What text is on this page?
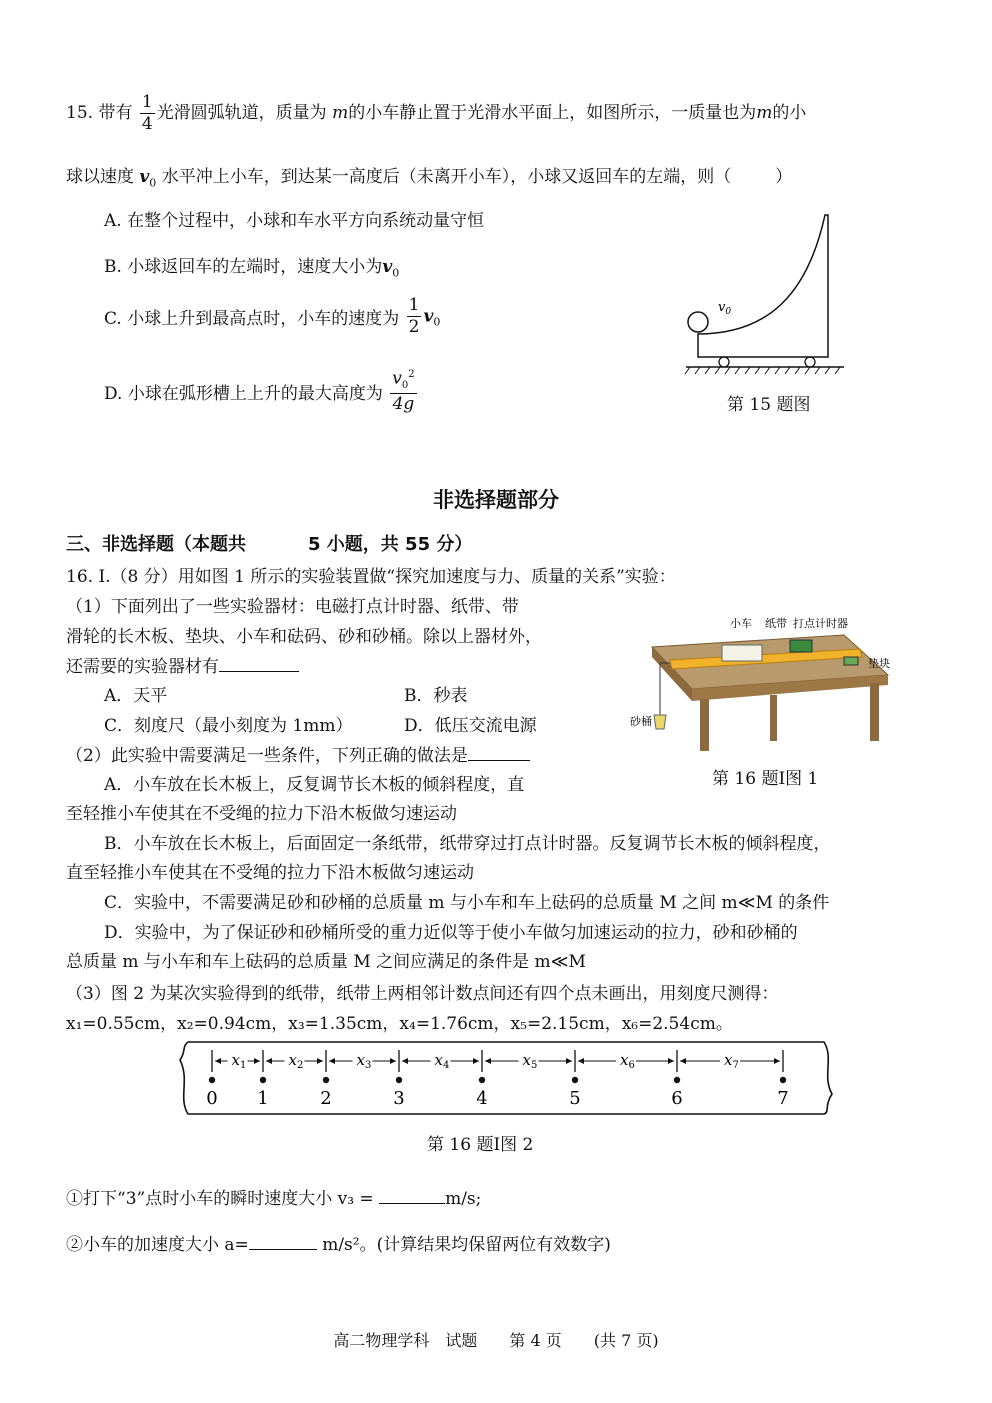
15. 带有 $\frac{1}{4}$ 光滑圆弧轨道，质量为 m的小车静止置于光滑水平面上，如图所示，一质量也为m的小
球以速度 $v_0$ 水平冲上小车，到达某一高度后（未离开小车），小球又返回车的左端，则（	）
A. 在整个过程中，小球和车水平方向系统动量守恒
B. 小球返回车的左端时，速度大小为$v_0$
C. 小球上升到最高点时，小车的速度为 $\frac{1}{2} v_0$
D. 小球在弧形槽上上升的最大高度为 $\frac{v_0^2}{4g}$
$v_0$
第 15 题图
非选择题部分
三、非选择题（本题共	5 小题，共 55 分）
16. Ⅰ.（8 分）用如图 1 所示的实验装置做“探究加速度与力、质量的关系”实验：
（1）下面列出了一些实验器材：电磁打点计时器、纸带、带
滑轮的长木板、垫块、小车和砝码、砂和砂桶。除以上器材外，
还需要的实验器材有
A．天平	B．秒表
C．刻度尺（最小刻度为 1mm）	D．低压交流电源
（2）此实验中需要满足一些条件，下列正确的做法是
A．小车放在长木板上，反复调节长木板的倾斜程度，直
至轻推小车使其在不受绳的拉力下沿木板做匀速运动
B．小车放在长木板上，后面固定一条纸带，纸带穿过打点计时器。反复调节长木板的倾斜程度，
直至轻推小车使其在不受绳的拉力下沿木板做匀速运动
C．实验中，不需要满足砂和砂桶的总质量 m 与小车和车上砝码的总质量 M 之间 m≪M 的条件
D．实验中，为了保证砂和砂桶所受的重力近似等于使小车做匀加速运动的拉力，砂和砂桶的
总质量 m 与小车和车上砝码的总质量 M 之间应满足的条件是 m≪M
（3）图 2 为某次实验得到的纸带，纸带上两相邻计数点间还有四个点未画出，用刻度尺测得：
x₁=0.55cm，x₂=0.94cm，x₃=1.35cm，x₄=1.76cm，x₅=2.15cm，x₆=2.54cm。
小车 纸带 打点计时器
垫块
砂桶
第 16 题Ⅰ图 1
0 1	2	3	4	5	6	7
$x_1$	$x_2$	$x_3$	$x_4$	$x_5$	$x_6$	$x_7$
第 16 题Ⅰ图 2
①打下“3”点时小车的瞬时速度大小 v₃ =	m/s;
②小车的加速度大小 a=	m/s²。(计算结果均保留两位有效数字)
高二物理学科　试题　　第 4 页　　(共 7 页)
